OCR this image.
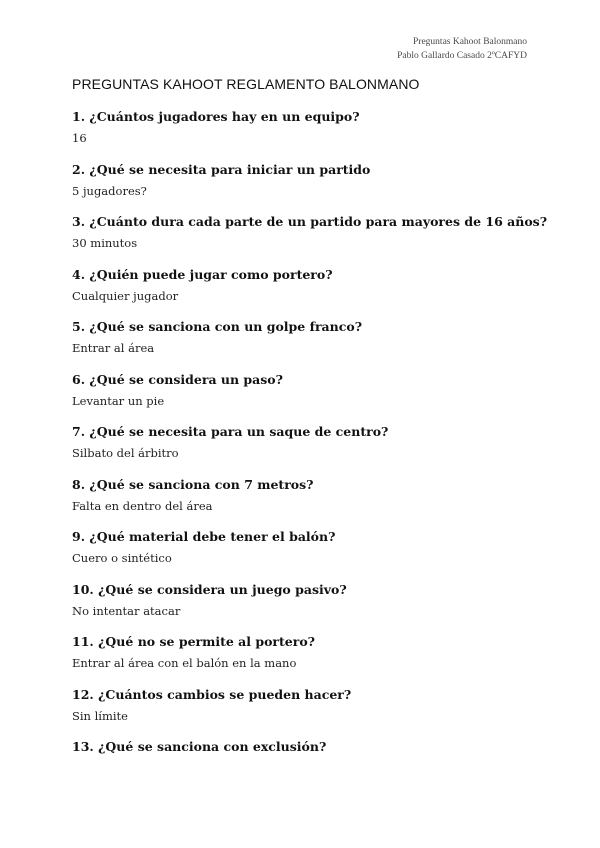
Preguntas Kahoot Balonmano
Pablo Gallardo Casado 2ºCAFYD
PREGUNTAS KAHOOT REGLAMENTO BALONMANO
1. ¿Cuántos jugadores hay en un equipo?
16
2. ¿Qué se necesita para iniciar un partido
5 jugadores?
3. ¿Cuánto dura cada parte de un partido para mayores de 16 años?
30 minutos
4. ¿Quién puede jugar como portero?
Cualquier jugador
5. ¿Qué se sanciona con un golpe franco?
Entrar al área
6. ¿Qué se considera un paso?
Levantar un pie
7. ¿Qué se necesita para un saque de centro?
Silbato del árbitro
8. ¿Qué se sanciona con 7 metros?
Falta en dentro del área
9. ¿Qué material debe tener el balón?
Cuero o sintético
10. ¿Qué se considera un juego pasivo?
No intentar atacar
11. ¿Qué no se permite al portero?
Entrar al área con el balón en la mano
12. ¿Cuántos cambios se pueden hacer?
Sin límite
13. ¿Qué se sanciona con exclusión?
